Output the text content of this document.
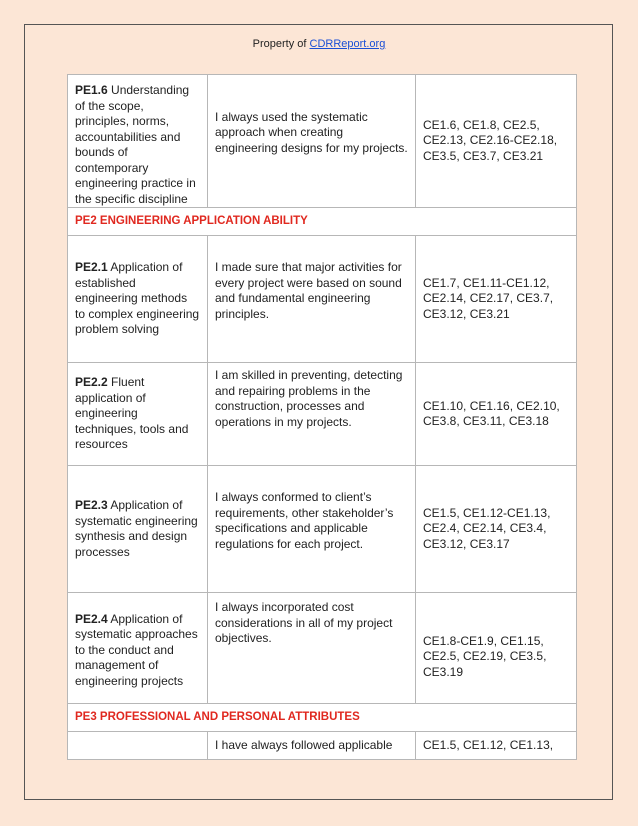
Property of CDRReport.org
PE1.6 Understanding of the scope, principles, norms, accountabilities and bounds of contemporary engineering practice in the specific discipline	I always used the systematic approach when creating engineering designs for my projects.	CE1.6, CE1.8, CE2.5, CE2.13, CE2.16-CE2.18, CE3.5, CE3.7, CE3.21
PE2 ENGINEERING APPLICATION ABILITY		
PE2.1 Application of established engineering methods to complex engineering problem solving	I made sure that major activities for every project were based on sound and fundamental engineering principles.	CE1.7, CE1.11-CE1.12, CE2.14, CE2.17, CE3.7, CE3.12, CE3.21
PE2.2 Fluent application of engineering techniques, tools and resources	I am skilled in preventing, detecting and repairing problems in the construction, processes and operations in my projects.	CE1.10, CE1.16, CE2.10, CE3.8, CE3.11, CE3.18
PE2.3 Application of systematic engineering synthesis and design processes	I always conformed to client’s requirements, other stakeholder’s specifications and applicable regulations for each project.	CE1.5, CE1.12-CE1.13, CE2.4, CE2.14, CE3.4, CE3.12, CE3.17
PE2.4 Application of systematic approaches to the conduct and management of engineering projects	I always incorporated cost considerations in all of my project objectives.	CE1.8-CE1.9, CE1.15, CE2.5, CE2.19, CE3.5, CE3.19
PE3 PROFESSIONAL AND PERSONAL ATTRIBUTES		
	I have always followed applicable	CE1.5, CE1.12, CE1.13,
